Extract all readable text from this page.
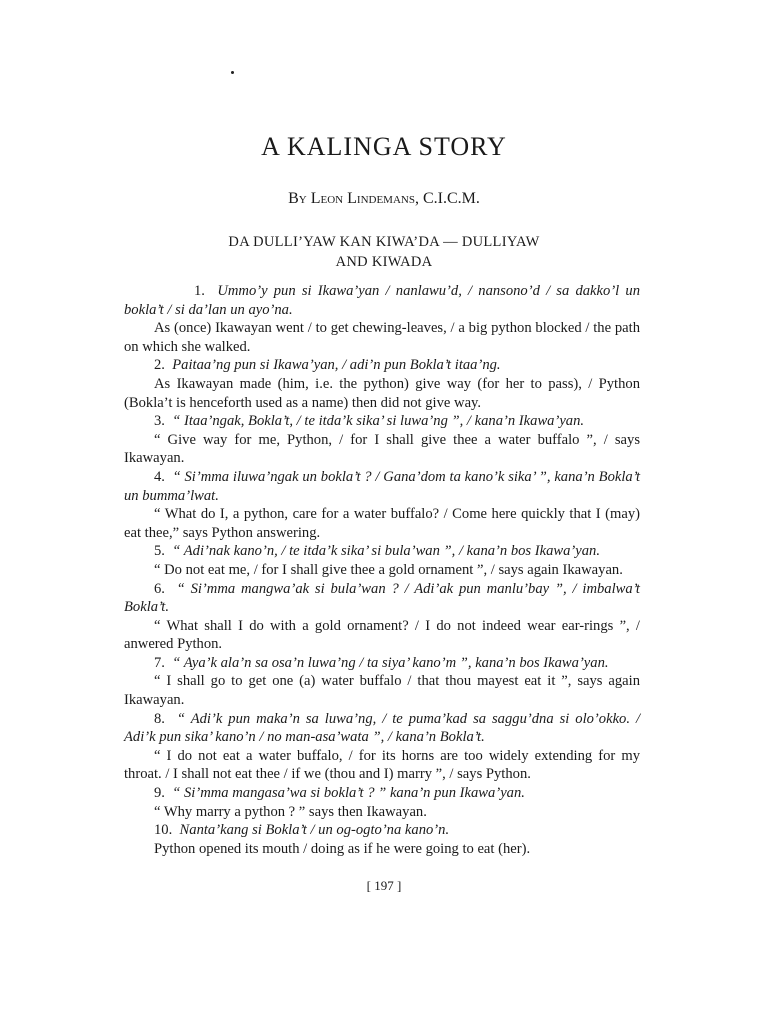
A KALINGA STORY

By Leon Lindemans, C.I.C.M.

DA DULLI’YAW KAN KIWA’DA — DULLIYAW
AND KIWADA

1. Ummo’y pun si Ikawa’yan / nanlawu’d, / nansono’d / sa dakko’l un bokla’t / si da’lan un ayo’na.

As (once) Ikawayan went / to get chewing-leaves, / a big python blocked / the path on which she walked.

2. Paitaa’ng pun si Ikawa’yan, / adi’n pun Bokla’t itaa’ng.

As Ikawayan made (him, i.e. the python) give way (for her to pass), / Python (Bokla’t is henceforth used as a name) then did not give way.

3. “ Itaa’ngak, Bokla’t, / te itda’k sika’ si luwa’ng ”, / kana’n Ikawa’yan.

“ Give way for me, Python, / for I shall give thee a water buffalo ”, / says Ikawayan.

4. “ Si’mma iluwa’ngak un bokla’t ? / Gana’dom ta kano’k sika’ ”, kana’n Bokla’t un bumma’lwat.

“ What do I, a python, care for a water buffalo? / Come here quickly that I (may) eat thee,” says Python answering.

5. “ Adi’nak kano’n, / te itda’k sika’ si bula’wan ”, / kana’n bos Ikawa’yan.

“ Do not eat me, / for I shall give thee a gold ornament ”, / says again Ikawayan.

6. “ Si’mma mangwa’ak si bula’wan ? / Adi’ak pun manlu’bay ”, / imbalwa’t Bokla’t.

“ What shall I do with a gold ornament? / I do not indeed wear ear-rings ”, / anwered Python.

7. “ Aya’k ala’n sa osa’n luwa’ng / ta siya’ kano’m ”, kana’n bos Ikawa’yan.

“ I shall go to get one (a) water buffalo / that thou mayest eat it ”, says again Ikawayan.

8. “ Adi’k pun maka’n sa luwa’ng, / te puma’kad sa saggu’dna si olo’okko. / Adi’k pun sika’ kano’n / no man-asa’wata ”, / kana’n Bokla’t.

“ I do not eat a water buffalo, / for its horns are too widely extending for my throat. / I shall not eat thee / if we (thou and I) marry ”, / says Python.

9. “ Si’mma mangasa’wa si bokla’t ? ” kana’n pun Ikawa’yan.

“ Why marry a python ? ” says then Ikawayan.

10. Nanta’kang si Bokla’t / un og-ogto’na kano’n.

Python opened its mouth / doing as if he were going to eat (her).

[ 197 ]
